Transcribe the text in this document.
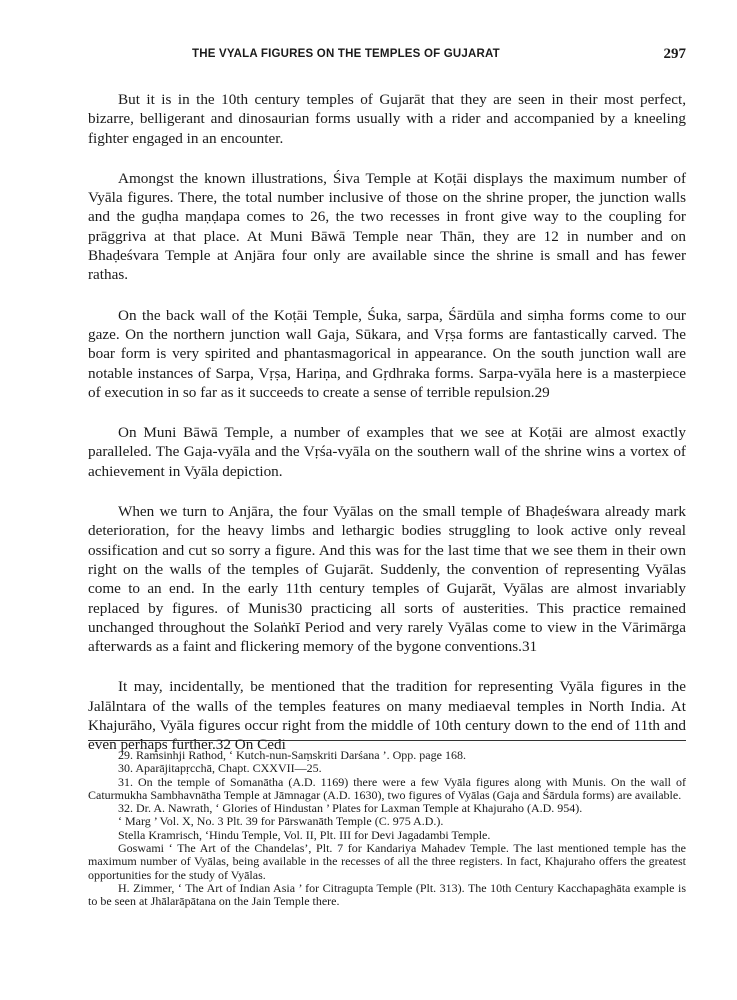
THE VYALA FIGURES ON THE TEMPLES OF GUJARAT	297

But it is in the 10th century temples of Gujarāt that they are seen in their most perfect, bizarre, belligerant and dinosaurian forms usually with a rider and accompanied by a kneeling fighter engaged in an encounter.

Amongst the known illustrations, Śiva Temple at Koṭāi displays the maximum number of Vyāla figures. There, the total number inclusive of those on the shrine proper, the junction walls and the guḍha maṇḍapa comes to 26, the two recesses in front give way to the coupling for prāggriva at that place. At Muni Bāwā Temple near Thān, they are 12 in number and on Bhaḍeśvara Temple at Anjāra four only are available since the shrine is small and has fewer rathas.

On the back wall of the Koṭāi Temple, Śuka, sarpa, Śārdūla and siṃha forms come to our gaze. On the northern junction wall Gaja, Sūkara, and Vṛṣa forms are fantastically carved. The boar form is very spirited and phantasmagorical in appearance. On the south junction wall are notable instances of Sarpa, Vṛṣa, Hariṇa, and Gṛdhraka forms. Sarpa-vyāla here is a masterpiece of execution in so far as it succeeds to create a sense of terrible repulsion.29

On Muni Bāwā Temple, a number of examples that we see at Koṭāi are almost exactly paralleled. The Gaja-vyāla and the Vṛśa-vyāla on the southern wall of the shrine wins a vortex of achievement in Vyāla depiction.

When we turn to Anjāra, the four Vyālas on the small temple of Bhaḍeśwara already mark deterioration, for the heavy limbs and lethargic bodies struggling to look active only reveal ossification and cut so sorry a figure. And this was for the last time that we see them in their own right on the walls of the temples of Gujarāt. Suddenly, the convention of representing Vyālas come to an end. In the early 11th century temples of Gujarāt, Vyālas are almost invariably replaced by figures. of Munis30 practicing all sorts of austerities. This practice remained unchanged throughout the Solaṅkī Period and very rarely Vyālas come to view in the Vārimārga afterwards as a faint and flickering memory of the bygone conventions.31

It may, incidentally, be mentioned that the tradition for representing Vyāla figures in the Jalālntara of the walls of the temples features on many mediaeval temples in North India. At Khajurāho, Vyāla figures occur right from the middle of 10th century down to the end of 11th and even perhaps further.32 On Cedi

29. Ramsinhji Rathod, ‘ Kutch-nun-Saṃskriti Darśana ’. Opp. page 168.

30. Aparājitapṛcchā, Chapt. CXXVII—25.

31. On the temple of Somanātha (A.D. 1169) there were a few Vyāla figures along with Munis. On the wall of Caturmukha Sambhavnātha Temple at Jāmnagar (A.D. 1630), two figures of Vyālas (Gaja and Śārdula forms) are available.

32. Dr. A. Nawrath, ‘ Glories of Hindustan ’ Plates for Laxman Temple at Khajuraho (A.D. 954).

‘ Marg ’ Vol. X, No. 3 Plt. 39 for Pārswanāth Temple (C. 975 A.D.).

Stella Kramrisch, ‘Hindu Temple, Vol. II, Plt. III for Devi Jagadambi Temple.

Goswami ‘ The Art of the Chandelas’, Plt. 7 for Kandariya Mahadev Temple. The last mentioned temple has the maximum number of Vyālas, being available in the recesses of all the three registers. In fact, Khajuraho offers the greatest opportunities for the study of Vyālas.

H. Zimmer, ‘ The Art of Indian Asia ’ for Citragupta Temple (Plt. 313). The 10th Century Kacchapaghāta example is to be seen at Jhālarāpātana on the Jain Temple there.
